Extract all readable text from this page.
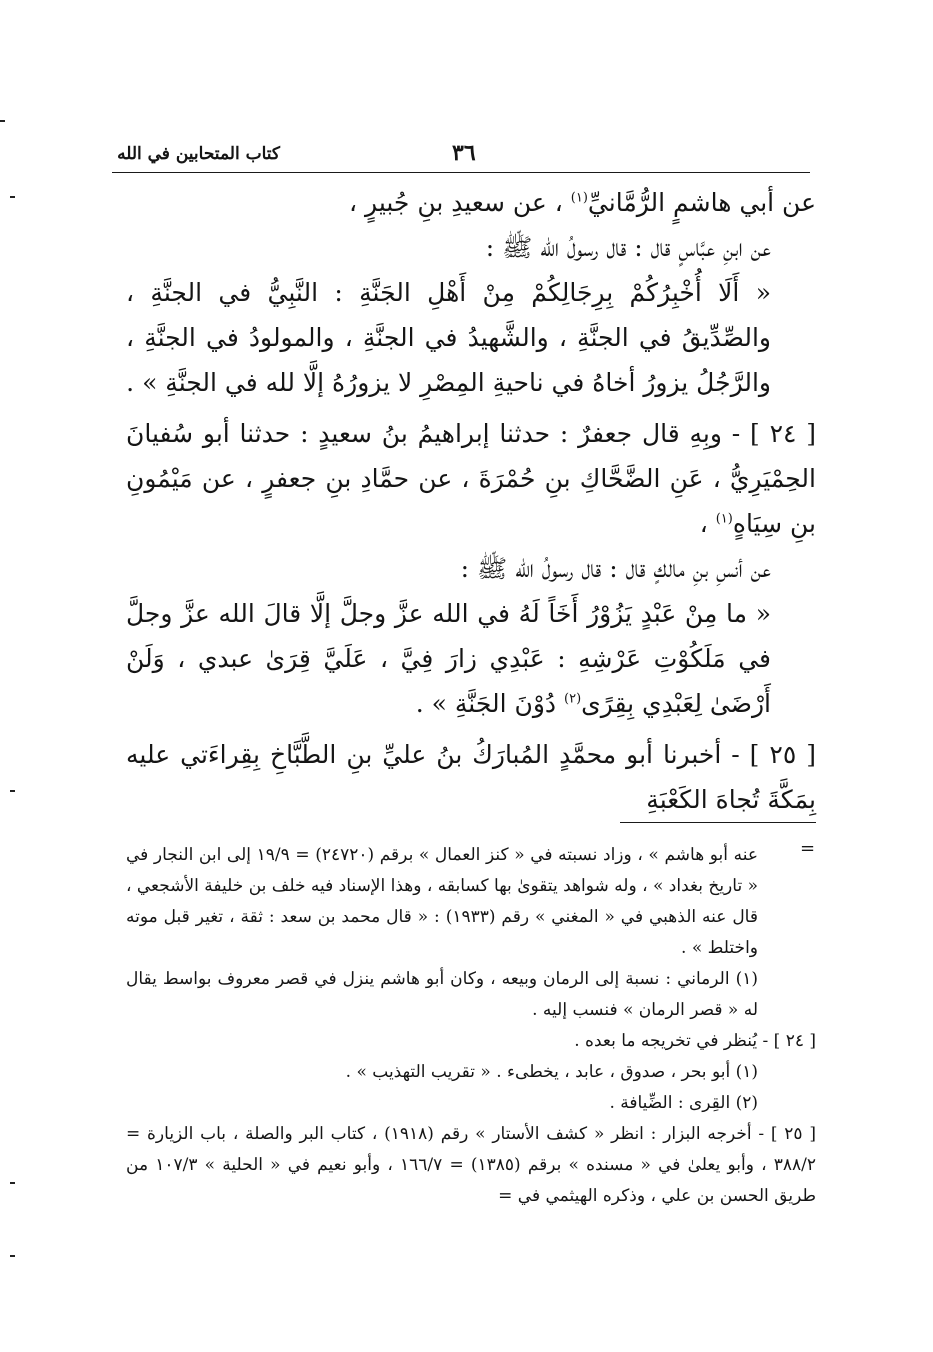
كتاب المتحابين في الله	٣٦

عن أبي هاشمٍ الرُّمَّانيِّ$^{(١)}$ ، عن سعيدِ بنِ جُبيرٍ ،

عن ابنِ عبَّاسٍ قال : قال رسولُ الله ﷺ :

« أَلَا أُخْبِرُكُمْ بِرِجَالِكُمْ مِنْ أَهْلِ الجَنَّةِ : النَّبِيُّ في الجنَّةِ ، والصِّدِّيقُ في الجنَّةِ ، والشَّهيدُ في الجنَّةِ ، والمولودُ في الجنَّةِ ، والرَّجُلُ يزورُ أخاهُ في ناحيةِ المِصْرِ لا يزورُهُ إلَّا لله في الجنَّةِ » .

[ ٢٤ ] - وبِهِ قال جعفرٌ : حدثنا إبراهيمُ بنُ سعيدٍ : حدثنا أبو سُفيانَ الحِمْيَرِيُّ ، عَنِ الضَّحَّاكِ بنِ حُمْرَةَ ، عن حمَّادِ بنِ جعفرٍ ، عن مَيْمُونِ بنِ سِيَاهٍ$^{(١)}$ ،

عن أنسِ بنِ مالكٍ قال : قال رسولُ الله ﷺ :

« ما مِنْ عَبْدٍ يَزُوْرُ أَخَاً لَهُ في الله عزَّ وجلَّ إلَّا قالَ الله عزَّ وجلَّ في مَلَكُوْتِ عَرْشِهِ : عَبْدِي زارَ فِيَّ ، عَلَيَّ قِرَىٰ عبدي ، وَلَنْ أَرْضَىٰ لِعَبْدِي بِقِرًى$^{(٢)}$ دُوْنَ الجَنَّةِ » .

[ ٢٥ ] - أخبرنا أبو محمَّدٍ المُبارَكُ بنُ عليِّ بنِ الطَّبَّاخِ بِقِراءَتي عليه بِمَكَّةَ تُجاهَ الكَعْبَةِ

عنه أبو هاشم » ، وزاد نسبته في « كنز العمال » برقم (٢٤٧٢٠) = ١٩/٩ إلى ابن النجار في « تاريخ بغداد » ، وله شواهد يتقوىٰ بها كسابقه ، وهذا الإسناد فيه خلف بن خليفة الأشجعي ، قال عنه الذهبي في « المغني » رقم (١٩٣٣) : « قال محمد بن سعد : ثقة ، تغير قبل موته واختلط » .

(١) الرماني : نسبة إلى الرمان وبيعه ، وكان أبو هاشم ينزل في قصر معروف بواسط يقال له « قصر الرمان » فنسب إليه .

[ ٢٤ ] - يُنظر في تخريجه ما بعده .

(١) أبو بحر ، صدوق ، عابد ، يخطىء . « تقريب التهذيب » .

(٢) القِرى : الضِّيافة .

[ ٢٥ ] - أخرجه البزار : انظر « كشف الأستار » رقم (١٩١٨) ، كتاب البر والصلة ، باب الزيارة = ٣٨٨/٢ ، وأبو يعلىٰ في « مسنده » برقم (١٣٨٥) = ١٦٦/٧ ، وأبو نعيم في « الحلية » ١٠٧/٣ من طريق الحسن بن علي ، وذكره الهيثمي في =

=
